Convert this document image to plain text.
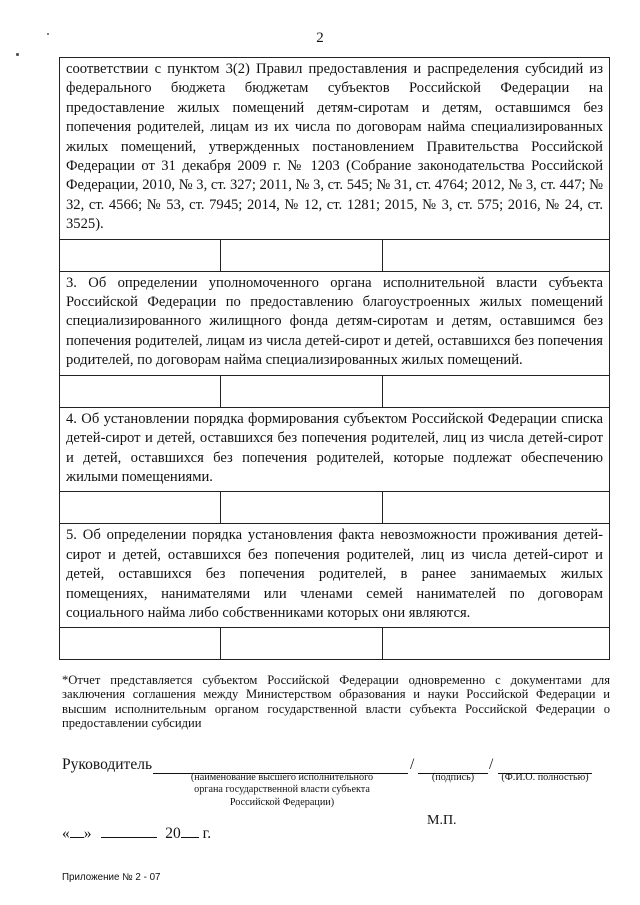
2
соответствии с пунктом 3(2) Правил предоставления и распределения субсидий из федерального бюджета бюджетам субъектов Российской Федерации на предоставление жилых помещений детям-сиротам и детям, оставшимся без попечения родителей, лицам из их числа по договорам найма специализированных жилых помещений, утвержденных постановлением Правительства Российской Федерации от 31 декабря 2009 г. № 1203 (Собрание законодательства Российской Федерации, 2010, № 3, ст. 327; 2011, № 3, ст. 545; № 31, ст. 4764; 2012, № 3, ст. 447; № 32, ст. 4566; № 53, ст. 7945; 2014, № 12, ст. 1281; 2015, № 3, ст. 575; 2016, № 24, ст. 3525).		

3. Об определении уполномоченного органа исполнительной власти субъекта Российской Федерации по предоставлению благоустроенных жилых помещений специализированного жилищного фонда детям-сиротам и детям, оставшимся без попечения родителей, лицам из числа детей-сирот и детей, оставшихся без попечения родителей, по договорам найма специализированных жилых помещений.		

4. Об установлении порядка формирования субъектом Российской Федерации списка детей-сирот и детей, оставшихся без попечения родителей, лиц из числа детей-сирот и детей, оставшихся без попечения родителей, которые подлежат обеспечению жилыми помещениями.		

5. Об определении порядка установления факта невозможности проживания детей-сирот и детей, оставшихся без попечения родителей, лиц из числа детей-сирот и детей, оставшихся без попечения родителей, в ранее занимаемых жилых помещениях, нанимателями или членами семей нанимателей по договорам социального найма либо собственниками которых они являются.		

*Отчет представляется субъектом Российской Федерации одновременно с документами для заключения соглашения между Министерством образования и науки Российской Федерации и высшим исполнительным органом государственной власти субъекта Российской Федерации о предоставлении субсидии
Руководитель	/	/
(наименование высшего исполнительного органа государственной власти субъекта Российской Федерации)
(подпись)	(Ф.И.О. полностью)
М.П.
« »	20 г.
Приложение № 2 - 07
